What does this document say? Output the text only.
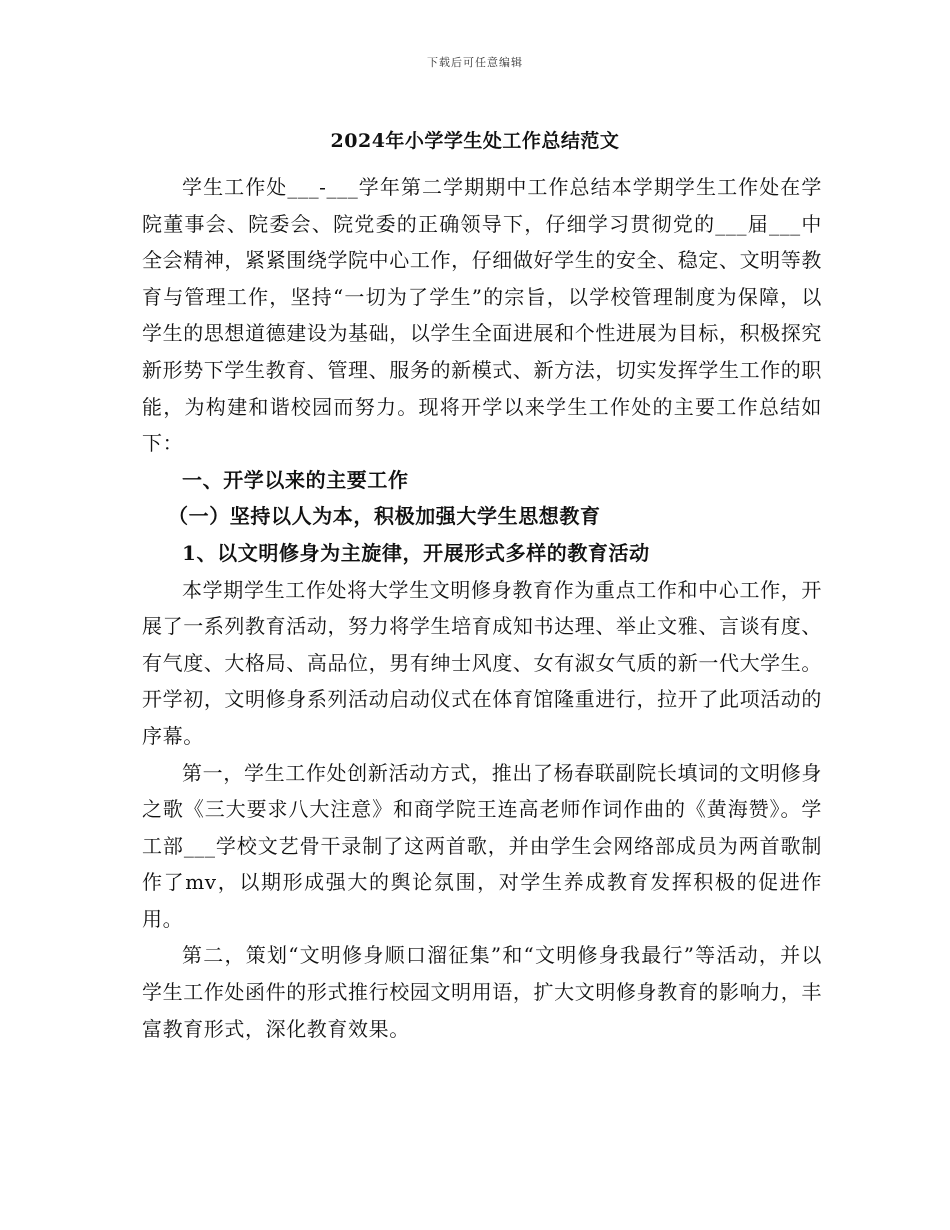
下载后可任意编辑
2024年小学学生处工作总结范文

学生工作处___-___学年第二学期期中工作总结本学期学生工作处在学院董事会、院委会、院党委的正确领导下，仔细学习贯彻党的___届___中全会精神，紧紧围绕学院中心工作，仔细做好学生的安全、稳定、文明等教育与管理工作，坚持“一切为了学生”的宗旨，以学校管理制度为保障，以学生的思想道德建设为基础，以学生全面进展和个性进展为目标，积极探究新形势下学生教育、管理、服务的新模式、新方法，切实发挥学生工作的职能，为构建和谐校园而努力。现将开学以来学生工作处的主要工作总结如下：

一、开学以来的主要工作

（一）坚持以人为本，积极加强大学生思想教育

1、以文明修身为主旋律，开展形式多样的教育活动

本学期学生工作处将大学生文明修身教育作为重点工作和中心工作，开展了一系列教育活动，努力将学生培育成知书达理、举止文雅、言谈有度、有气度、大格局、高品位，男有绅士风度、女有淑女气质的新一代大学生。开学初，文明修身系列活动启动仪式在体育馆隆重进行，拉开了此项活动的序幕。

第一，学生工作处创新活动方式，推出了杨春联副院长填词的文明修身之歌《三大要求八大注意》和商学院王连高老师作词作曲的《黄海赞》。学工部___学校文艺骨干录制了这两首歌，并由学生会网络部成员为两首歌制作了mv，以期形成强大的舆论氛围，对学生养成教育发挥积极的促进作用。

第二，策划“文明修身顺口溜征集”和“文明修身我最行”等活动，并以学生工作处函件的形式推行校园文明用语，扩大文明修身教育的影响力，丰富教育形式，深化教育效果。
